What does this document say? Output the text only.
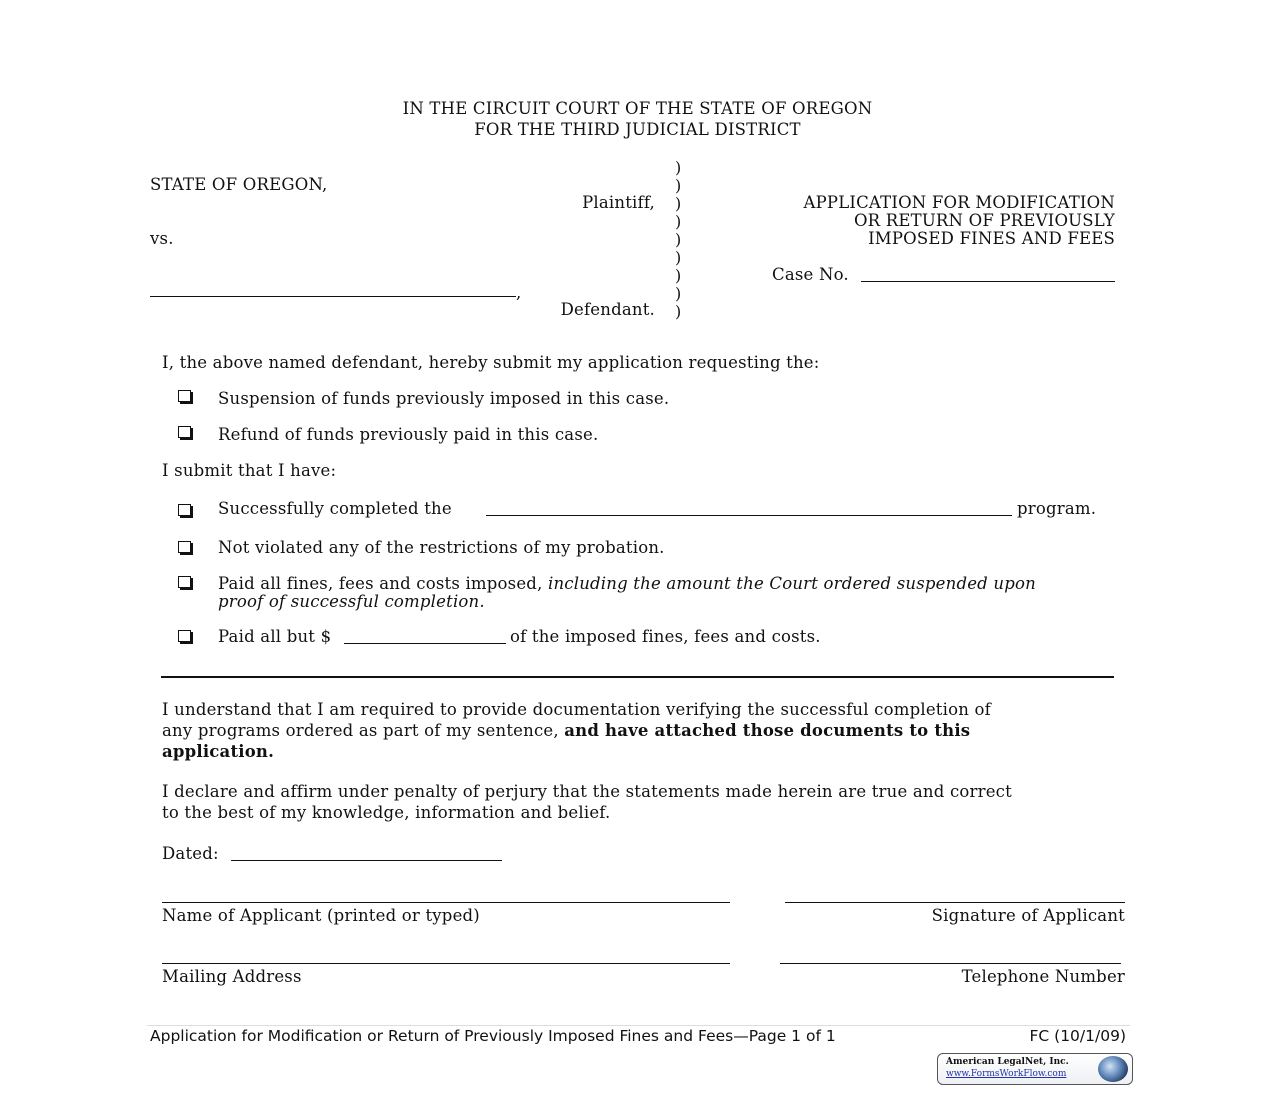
IN THE CIRCUIT COURT OF THE STATE OF OREGON
FOR THE THIRD JUDICIAL DISTRICT
STATE OF OREGON,
Plaintiff,
vs.
,
Defendant.
)
)
)
)
)
)
)
)
)
APPLICATION FOR MODIFICATION
OR RETURN OF PREVIOUSLY
IMPOSED FINES AND FEES
Case No.
I, the above named defendant, hereby submit my application requesting the:
Suspension of funds previously imposed in this case.
Refund of funds previously paid in this case.
I submit that I have:
Successfully completed the	program.
Not violated any of the restrictions of my probation.
Paid all fines, fees and costs imposed, including the amount the Court ordered suspended upon
proof of successful completion.
Paid all but $	of the imposed fines, fees and costs.
I understand that I am required to provide documentation verifying the successful completion of
any programs ordered as part of my sentence, and have attached those documents to this
application.
I declare and affirm under penalty of perjury that the statements made herein are true and correct
to the best of my knowledge, information and belief.
Dated:
Name of Applicant (printed or typed)	Signature of Applicant
Mailing Address	Telephone Number
Application for Modification or Return of Previously Imposed Fines and Fees—Page 1 of 1	FC (10/1/09)
American LegalNet, Inc.
www.FormsWorkFlow.com
